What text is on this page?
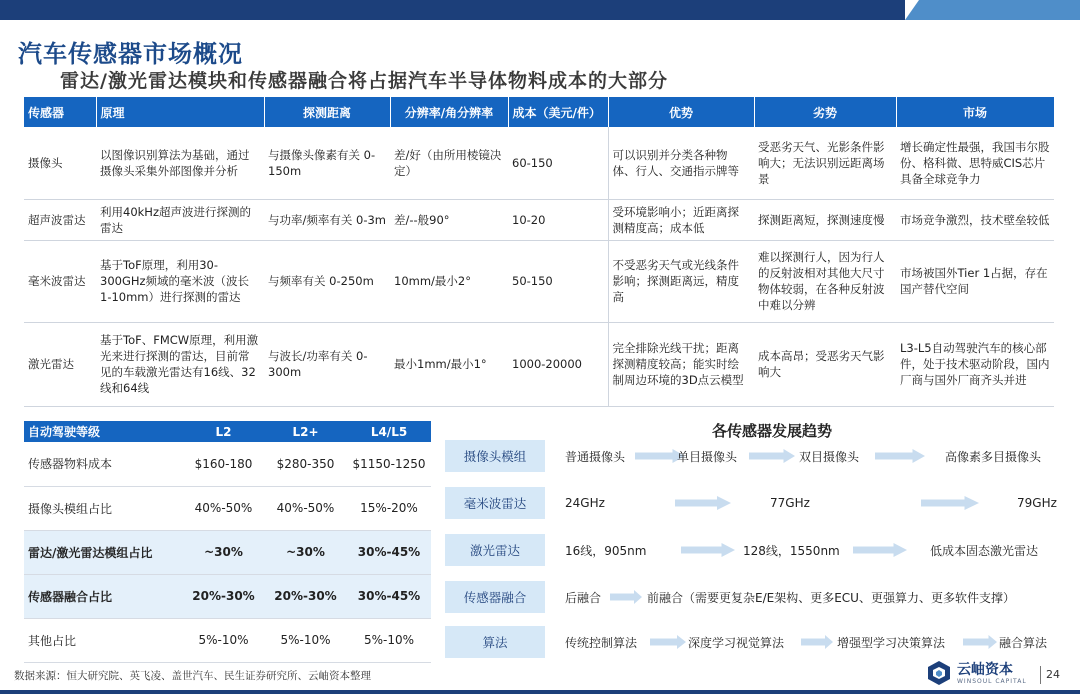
汽车传感器市场概况
雷达/激光雷达模块和传感器融合将占据汽车半导体物料成本的大部分
传感器	原理	探测距离	分辨率/角分辨率	成本（美元/件）	优势	劣势	市场
摄像头	以图像识别算法为基础，通过摄像头采集外部图像并分析	与摄像头像素有关 0-150m	差/好（由所用棱镜决定）	60-150	可以识别并分类各种物体、行人、交通指示牌等	受恶劣天气、光影条件影响大；无法识别远距离场景	增长确定性最强，我国韦尔股份、格科微、思特威CIS芯片具备全球竞争力
超声波雷达	利用40kHz超声波进行探测的雷达	与功率/频率有关 0-3m	差/--般90°	10-20	受环境影响小；近距离探测精度高；成本低	探测距离短，探测速度慢	市场竞争激烈，技术壁垒较低
毫米波雷达	基于ToF原理，利用30-300GHz频域的毫米波（波长1-10mm）进行探测的雷达	与频率有关 0-250m	10mm/最小2°	50-150	不受恶劣天气或光线条件影响；探测距离远，精度高	难以探测行人，因为行人的反射波相对其他大尺寸物体较弱，在各种反射波中难以分辨	市场被国外Tier 1占据，存在国产替代空间
激光雷达	基于ToF、FMCW原理，利用激光来进行探测的雷达，目前常见的车载激光雷达有16线、32线和64线	与波长/功率有关 0-300m	最小1mm/最小1°	1000-20000	完全排除光线干扰；距离探测精度较高；能实时绘制周边环境的3D点云模型	成本高昂；受恶劣天气影响大	L3-L5自动驾驶汽车的核心部件，处于技术驱动阶段，国内厂商与国外厂商齐头并进
自动驾驶等级	L2	L2+	L4/L5
传感器物料成本	$160-180	$280-350	$1150-1250
摄像头模组占比	40%-50%	40%-50%	15%-20%
雷达/激光雷达模组占比	~30%	~30%	30%-45%
传感器融合占比	20%-30%	20%-30%	30%-45%
其他占比	5%-10%	5%-10%	5%-10%
各传感器发展趋势
摄像头模组	普通摄像头	单目摄像头	双目摄像头	高像素多目摄像头
毫米波雷达	24GHz	77GHz	79GHz
激光雷达	16线，905nm	128线，1550nm	低成本固态激光雷达
传感器融合	后融合	前融合（需要更复杂E/E架构、更多ECU、更强算力、更多软件支撑）
算法	传统控制算法	深度学习视觉算法	增强型学习决策算法	融合算法
数据来源：恒大研究院、英飞凌、盖世汽车、民生证券研究所、云岫资本整理	云岫资本
WINSOUL CAPITAL 24
